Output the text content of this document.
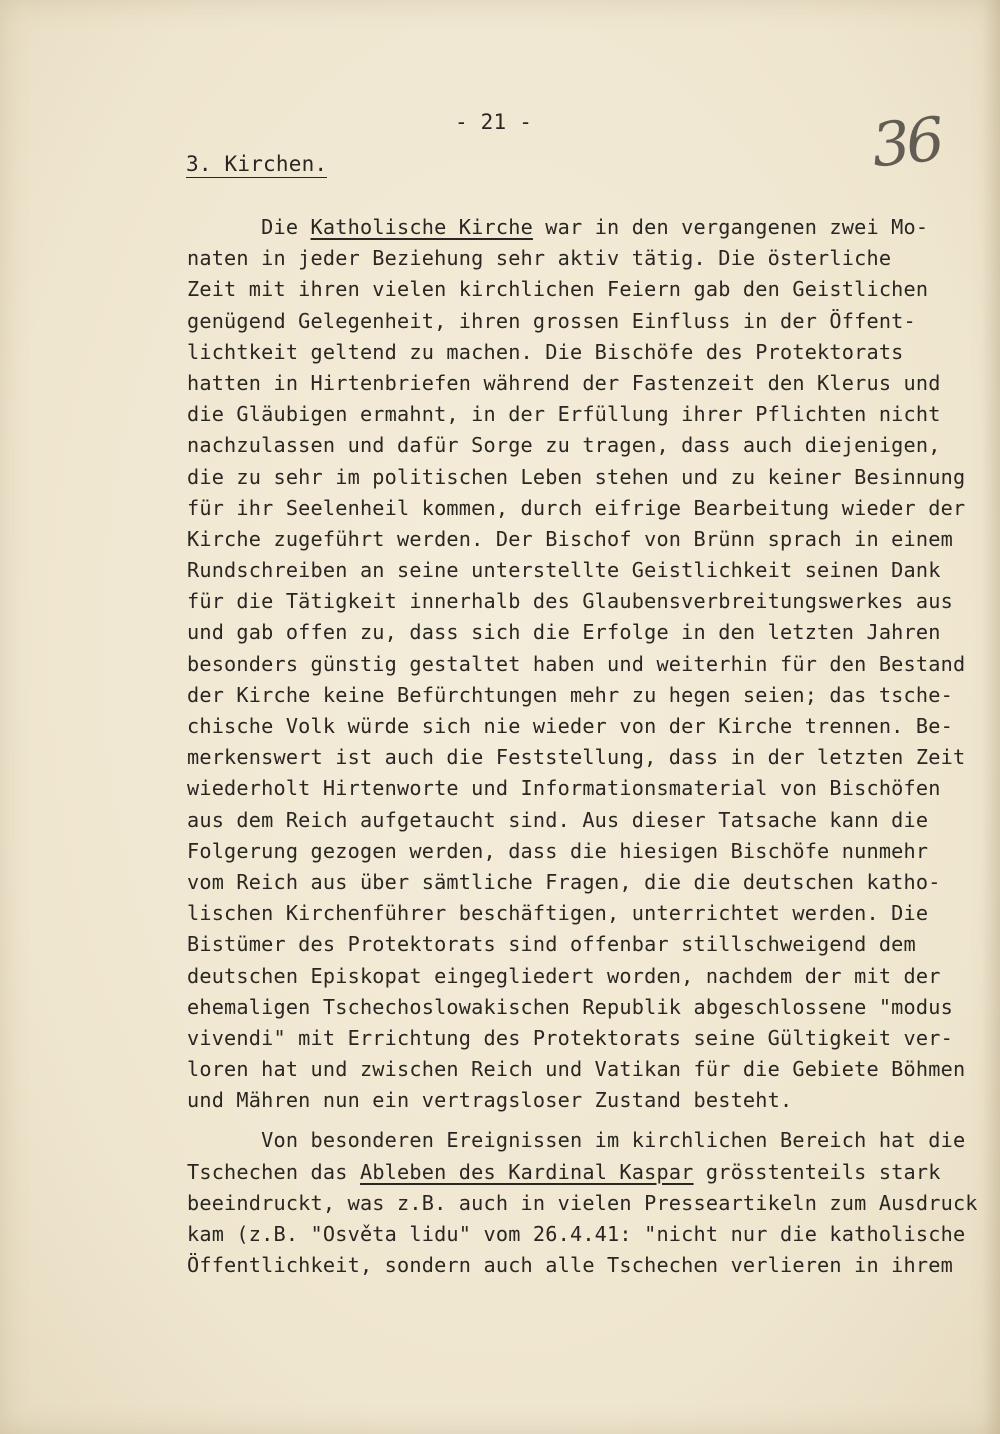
- 21 -	36
3. Kirchen.
Die Katholische Kirche war in den vergangenen zwei Mo-
naten in jeder Beziehung sehr aktiv tätig. Die österliche
Zeit mit ihren vielen kirchlichen Feiern gab den Geistlichen
genügend Gelegenheit, ihren grossen Einfluss in der Öffent-
lichtkeit geltend zu machen. Die Bischöfe des Protektorats
hatten in Hirtenbriefen während der Fastenzeit den Klerus und
die Gläubigen ermahnt, in der Erfüllung ihrer Pflichten nicht
nachzulassen und dafür Sorge zu tragen, dass auch diejenigen,
die zu sehr im politischen Leben stehen und zu keiner Besinnung
für ihr Seelenheil kommen, durch eifrige Bearbeitung wieder der
Kirche zugeführt werden. Der Bischof von Brünn sprach in einem
Rundschreiben an seine unterstellte Geistlichkeit seinen Dank
für die Tätigkeit innerhalb des Glaubensverbreitungswerkes aus
und gab offen zu, dass sich die Erfolge in den letzten Jahren
besonders günstig gestaltet haben und weiterhin für den Bestand
der Kirche keine Befürchtungen mehr zu hegen seien; das tsche-
chische Volk würde sich nie wieder von der Kirche trennen. Be-
merkenswert ist auch die Feststellung, dass in der letzten Zeit
wiederholt Hirtenworte und Informationsmaterial von Bischöfen
aus dem Reich aufgetaucht sind. Aus dieser Tatsache kann die
Folgerung gezogen werden, dass die hiesigen Bischöfe nunmehr
vom Reich aus über sämtliche Fragen, die die deutschen katho-
lischen Kirchenführer beschäftigen, unterrichtet werden. Die
Bistümer des Protektorats sind offenbar stillschweigend dem
deutschen Episkopat eingegliedert worden, nachdem der mit der
ehemaligen Tschechoslowakischen Republik abgeschlossene "modus
vivendi" mit Errichtung des Protektorats seine Gültigkeit ver-
loren hat und zwischen Reich und Vatikan für die Gebiete Böhmen
und Mähren nun ein vertragsloser Zustand besteht.
Von besonderen Ereignissen im kirchlichen Bereich hat die
Tschechen das Ableben des Kardinal Kaspar grösstenteils stark
beeindruckt, was z.B. auch in vielen Presseartikeln zum Ausdruck
kam (z.B. "Osvěta lidu" vom 26.4.41: "nicht nur die katholische
Öffentlichkeit, sondern auch alle Tschechen verlieren in ihrem
